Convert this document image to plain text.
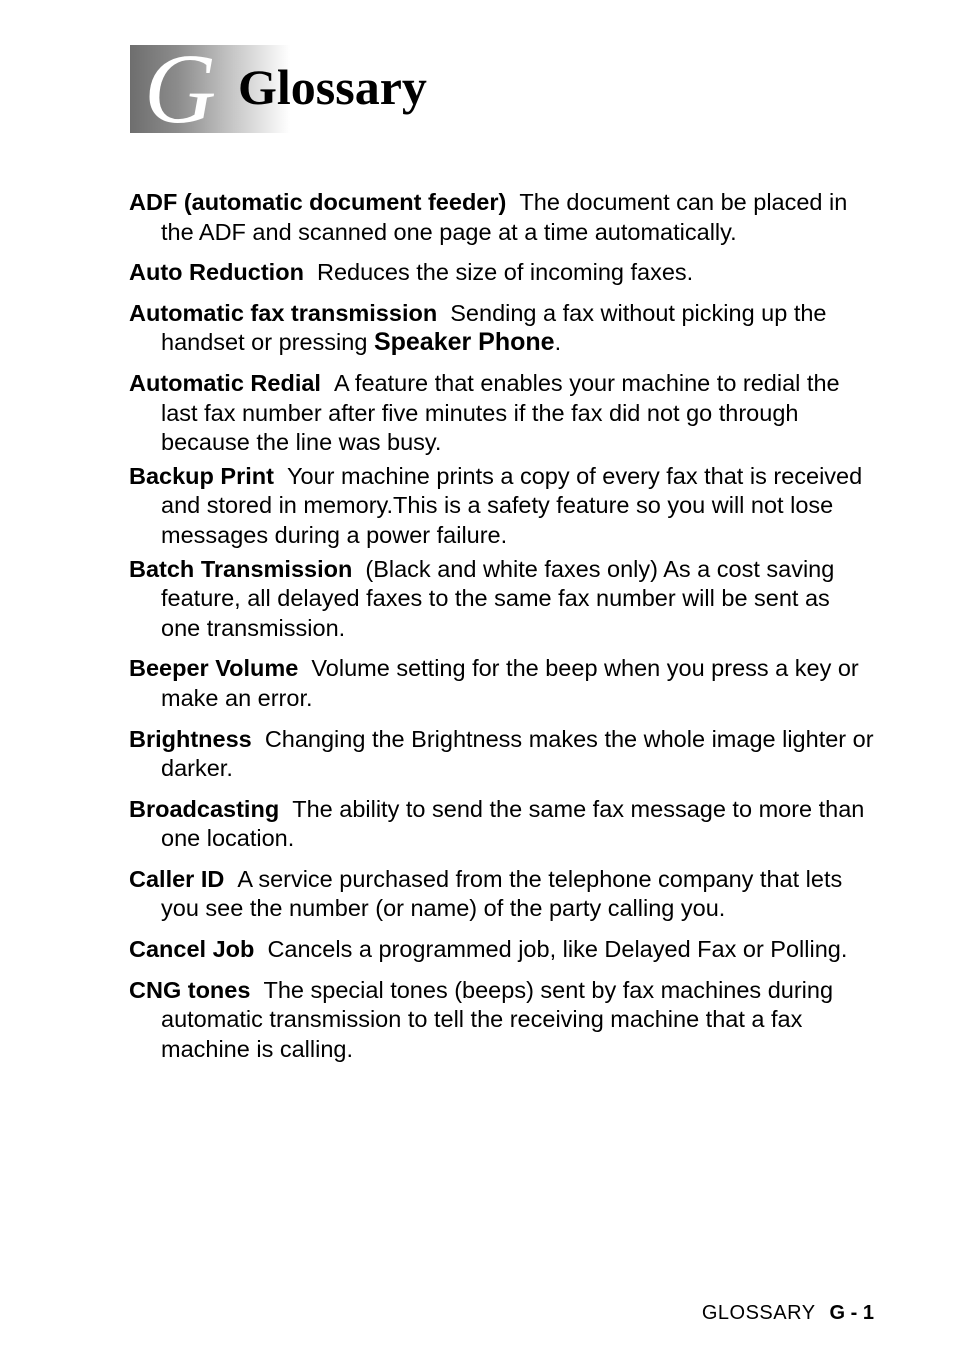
G Glossary
ADF (automatic document feeder) The document can be placed in the ADF and scanned one page at a time automatically.
Auto Reduction Reduces the size of incoming faxes.
Automatic fax transmission Sending a fax without picking up the handset or pressing Speaker Phone.
Automatic Redial A feature that enables your machine to redial the last fax number after five minutes if the fax did not go through because the line was busy.
Backup Print Your machine prints a copy of every fax that is received and stored in memory.This is a safety feature so you will not lose messages during a power failure.
Batch Transmission (Black and white faxes only) As a cost saving feature, all delayed faxes to the same fax number will be sent as one transmission.
Beeper Volume Volume setting for the beep when you press a key or make an error.
Brightness Changing the Brightness makes the whole image lighter or darker.
Broadcasting The ability to send the same fax message to more than one location.
Caller ID A service purchased from the telephone company that lets you see the number (or name) of the party calling you.
Cancel Job Cancels a programmed job, like Delayed Fax or Polling.
CNG tones The special tones (beeps) sent by fax machines during automatic transmission to tell the receiving machine that a fax machine is calling.
GLOSSARY G - 1
